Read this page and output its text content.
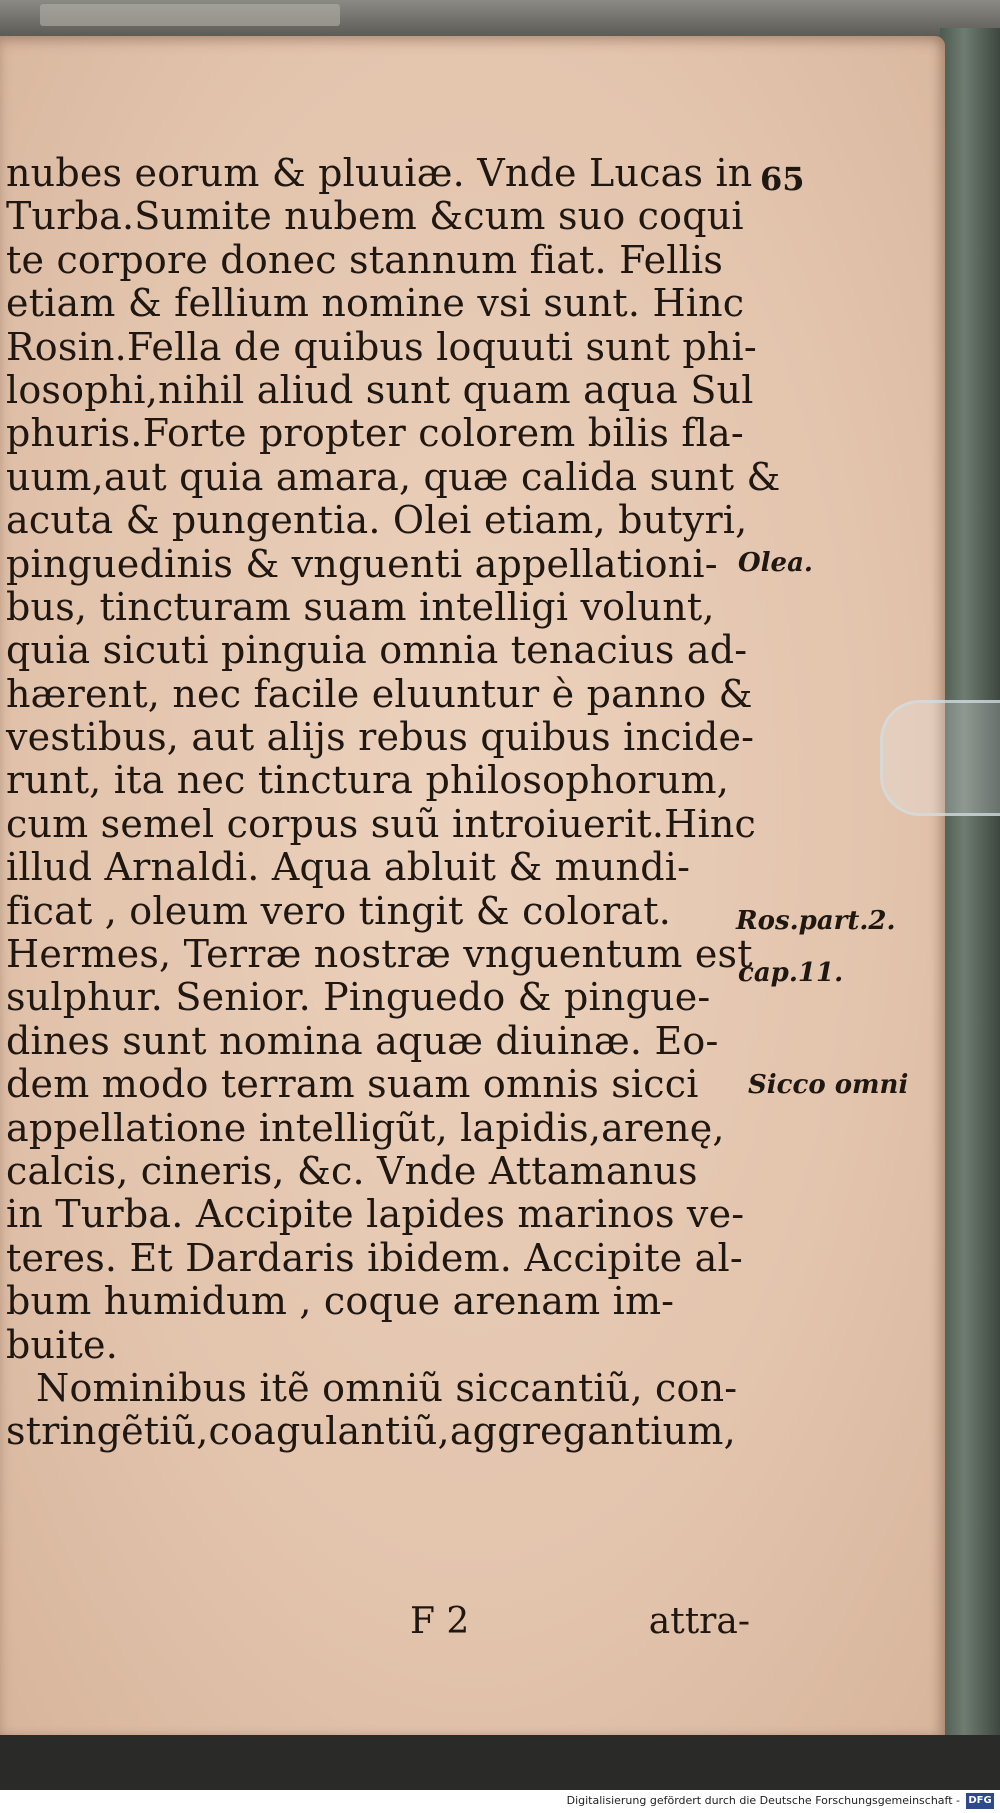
65
nubes eorum & pluuiæ. Vnde Lucas in
Turba.Sumite nubem &cum suo coqui
te corpore donec stannum fiat. Fellis
etiam & fellium nomine vsi sunt. Hinc
Rosin.Fella de quibus loquuti sunt phi-
losophi,nihil aliud sunt quam aqua Sul
phuris.Forte propter colorem bilis fla-
uum,aut quia amara, quæ calida sunt &
acuta & pungentia. Olei etiam, butyri,
pinguedinis & vnguenti appellationi-
bus, tincturam suam intelligi volunt,
quia sicuti pinguia omnia tenacius ad-
hærent, nec facile eluuntur è panno &
vestibus, aut alijs rebus quibus incide-
runt, ita nec tinctura philosophorum,
cum semel corpus suũ introiuerit.Hinc
illud Arnaldi. Aqua abluit & mundi-
ficat , oleum vero tingit & colorat.
Hermes, Terræ nostræ vnguentum est
sulphur. Senior. Pinguedo & pingue-
dines sunt nomina aquæ diuinæ. Eo-
dem modo terram suam omnis sicci
appellatione intelligũt, lapidis,arenę,
calcis, cineris, &c. Vnde Attamanus
in Turba. Accipite lapides marinos ve-
teres. Et Dardaris ibidem. Accipite al-
bum humidum , coque arenam im-
buite.
Nominibus itẽ omniũ siccantiũ, con-
stringẽtiũ,coagulantiũ,aggregantium,
Olea.
Ros.part.2.
cap.11.
Sicco omni
F 2	attra-
Digitalisierung gefördert durch die Deutsche Forschungsgemeinschaft - DFG
